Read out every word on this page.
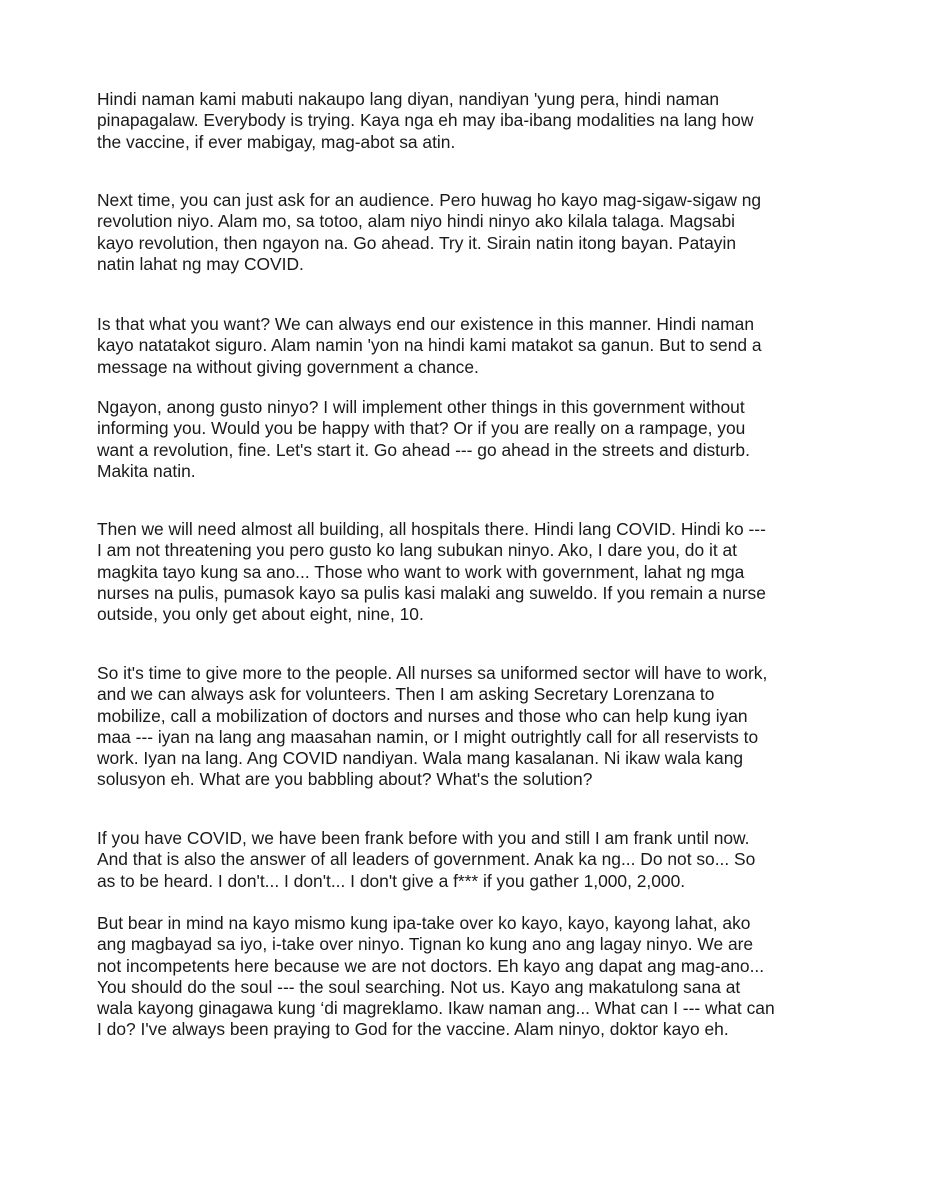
Hindi naman kami mabuti nakaupo lang diyan, nandiyan 'yung pera, hindi naman
pinapagalaw. Everybody is trying. Kaya nga eh may iba-ibang modalities na lang how
the vaccine, if ever mabigay, mag-abot sa atin.

Next time, you can just ask for an audience. Pero huwag ho kayo mag-sigaw-sigaw ng
revolution niyo. Alam mo, sa totoo, alam niyo hindi ninyo ako kilala talaga. Magsabi
kayo revolution, then ngayon na. Go ahead. Try it. Sirain natin itong bayan. Patayin
natin lahat ng may COVID.

Is that what you want? We can always end our existence in this manner. Hindi naman
kayo natatakot siguro. Alam namin 'yon na hindi kami matakot sa ganun. But to send a
message na without giving government a chance.

Ngayon, anong gusto ninyo? I will implement other things in this government without
informing you. Would you be happy with that? Or if you are really on a rampage, you
want a revolution, fine. Let's start it. Go ahead --- go ahead in the streets and disturb.
Makita natin.

Then we will need almost all building, all hospitals there. Hindi lang COVID. Hindi ko ---
I am not threatening you pero gusto ko lang subukan ninyo. Ako, I dare you, do it at
magkita tayo kung sa ano... Those who want to work with government, lahat ng mga
nurses na pulis, pumasok kayo sa pulis kasi malaki ang suweldo. If you remain a nurse
outside, you only get about eight, nine, 10.

So it's time to give more to the people. All nurses sa uniformed sector will have to work,
and we can always ask for volunteers. Then I am asking Secretary Lorenzana to
mobilize, call a mobilization of doctors and nurses and those who can help kung iyan
maa --- iyan na lang ang maasahan namin, or I might outrightly call for all reservists to
work. Iyan na lang. Ang COVID nandiyan. Wala mang kasalanan. Ni ikaw wala kang
solusyon eh. What are you babbling about? What's the solution?

If you have COVID, we have been frank before with you and still I am frank until now.
And that is also the answer of all leaders of government. Anak ka ng... Do not so... So
as to be heard. I don't... I don't... I don't give a f*** if you gather 1,000, 2,000.

But bear in mind na kayo mismo kung ipa-take over ko kayo, kayo, kayong lahat, ako
ang magbayad sa iyo, i-take over ninyo. Tignan ko kung ano ang lagay ninyo. We are
not incompetents here because we are not doctors. Eh kayo ang dapat ang mag-ano...
You should do the soul --- the soul searching. Not us. Kayo ang makatulong sana at
wala kayong ginagawa kung ‘di magreklamo. Ikaw naman ang... What can I --- what can
I do? I've always been praying to God for the vaccine. Alam ninyo, doktor kayo eh.
